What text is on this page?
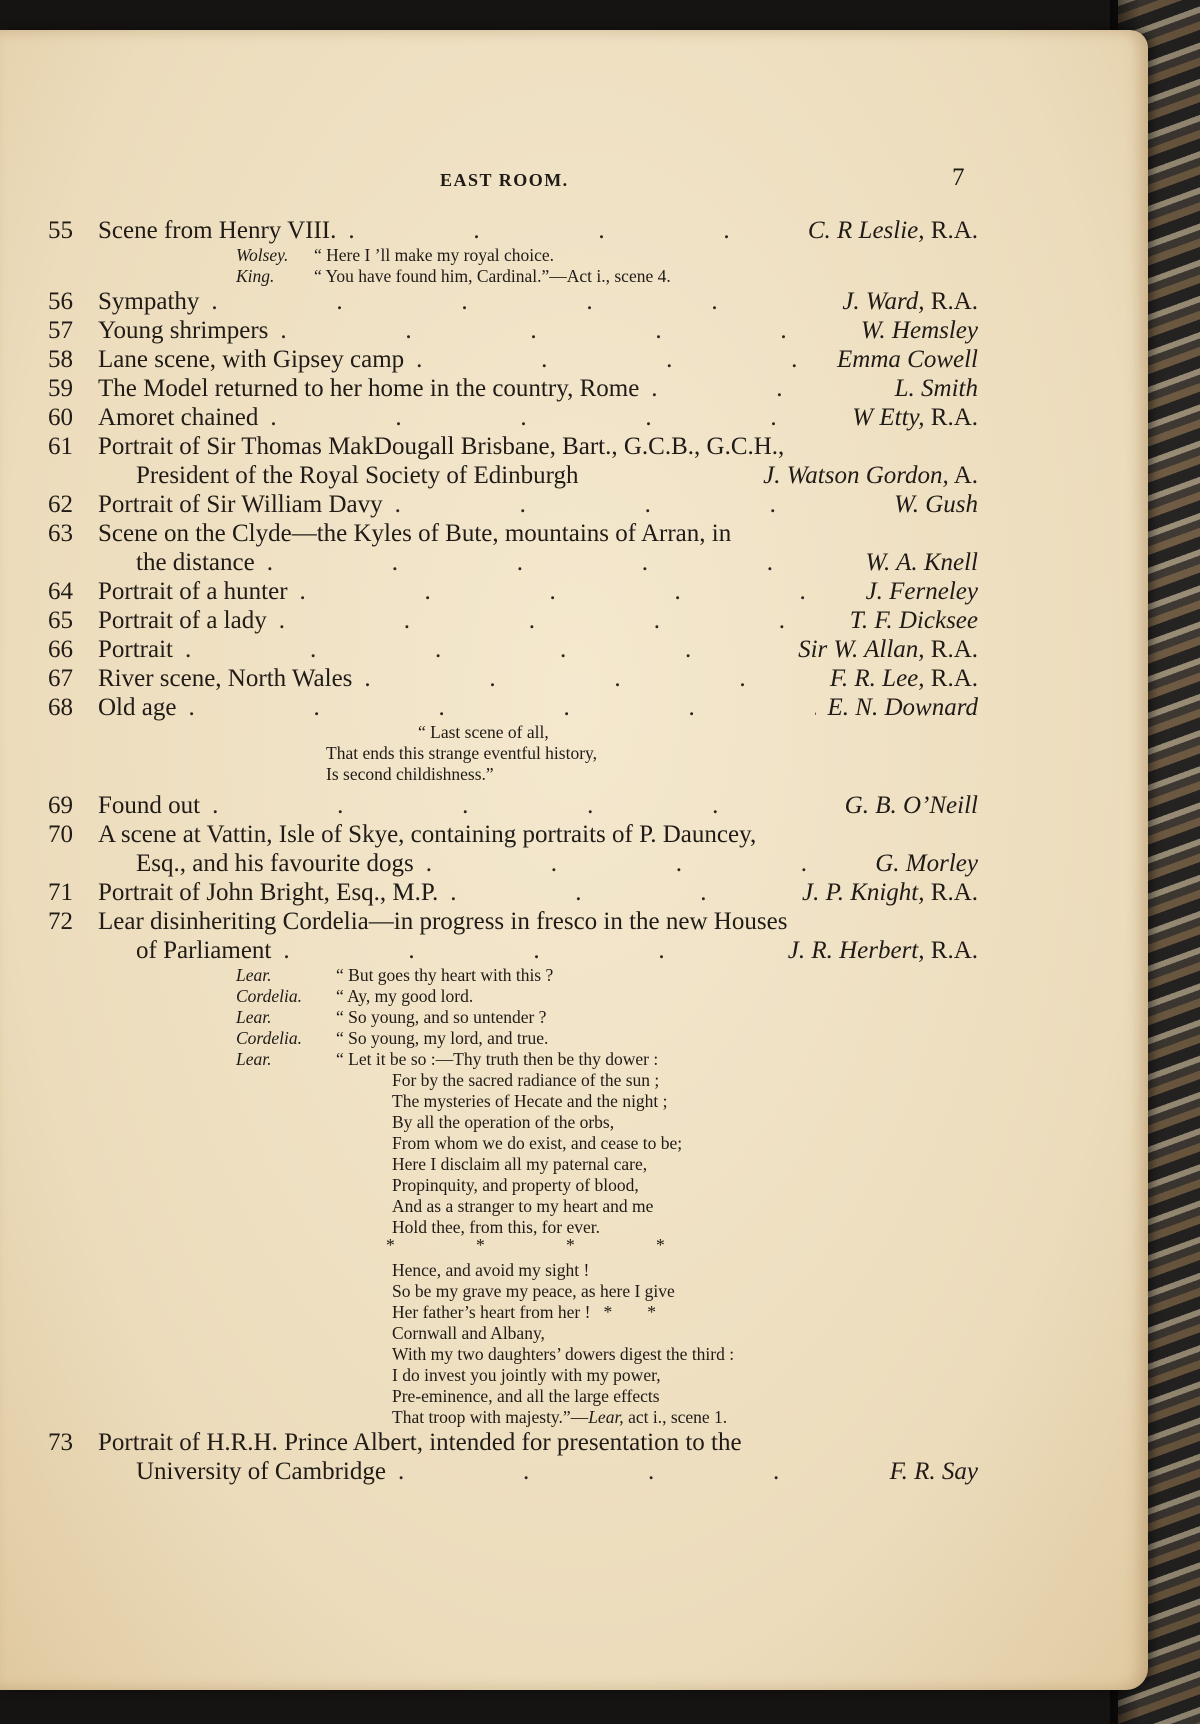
EAST ROOM.	7
55	Scene from Henry VIII. .	C. R Leslie, R.A.
Wolsey.	“ Here I ’ll make my royal choice.
King.	“ You have found him, Cardinal.”—Act i., scene 4.
56	Sympathy .	J. Ward, R.A.
57	Young shrimpers .	W. Hemsley
58	Lane scene, with Gipsey camp .	Emma Cowell
59	The Model returned to her home in the country, Rome .	L. Smith
60	Amoret chained .	W Etty, R.A.
61	Portrait of Sir Thomas MakDougall Brisbane, Bart., G.C.B., G.C.H.,
President of the Royal Society of Edinburgh	J. Watson Gordon, A.
62	Portrait of Sir William Davy .	W. Gush
63	Scene on the Clyde—the Kyles of Bute, mountains of Arran, in
the distance .	W. A. Knell
64	Portrait of a hunter .	J. Ferneley
65	Portrait of a lady .	T. F. Dicksee
66	Portrait .	Sir W. Allan, R.A.
67	River scene, North Wales .	F. R. Lee, R.A.
68	Old age .	E. N. Downard
“ Last scene of all,
That ends this strange eventful history,
Is second childishness.”
69	Found out .	G. B. O’Neill
70	A scene at Vattin, Isle of Skye, containing portraits of P. Dauncey,
Esq., and his favourite dogs .	G. Morley
71	Portrait of John Bright, Esq., M.P. .	J. P. Knight, R.A.
72	Lear disinheriting Cordelia—in progress in fresco in the new Houses
of Parliament .	J. R. Herbert, R.A.
Lear.	“ But goes thy heart with this ?
Cordelia.	“ Ay, my good lord.
Lear.	“ So young, and so untender ?
Cordelia.	“ So young, my lord, and true.
Lear.	“ Let it be so :—Thy truth then be thy dower :
For by the sacred radiance of the sun ;
The mysteries of Hecate and the night ;
By all the operation of the orbs,
From whom we do exist, and cease to be;
Here I disclaim all my paternal care,
Propinquity, and property of blood,
And as a stranger to my heart and me
Hold thee, from this, for ever.
*	*	*	*
Hence, and avoid my sight !
So be my grave my peace, as here I give
Her father’s heart from her !   *        *
Cornwall and Albany,
With my two daughters’ dowers digest the third :
I do invest you jointly with my power,
Pre-eminence, and all the large effects
That troop with majesty.”—Lear, act i., scene 1.
73	Portrait of H.R.H. Prince Albert, intended for presentation to the
University of Cambridge .	F. R. Say
